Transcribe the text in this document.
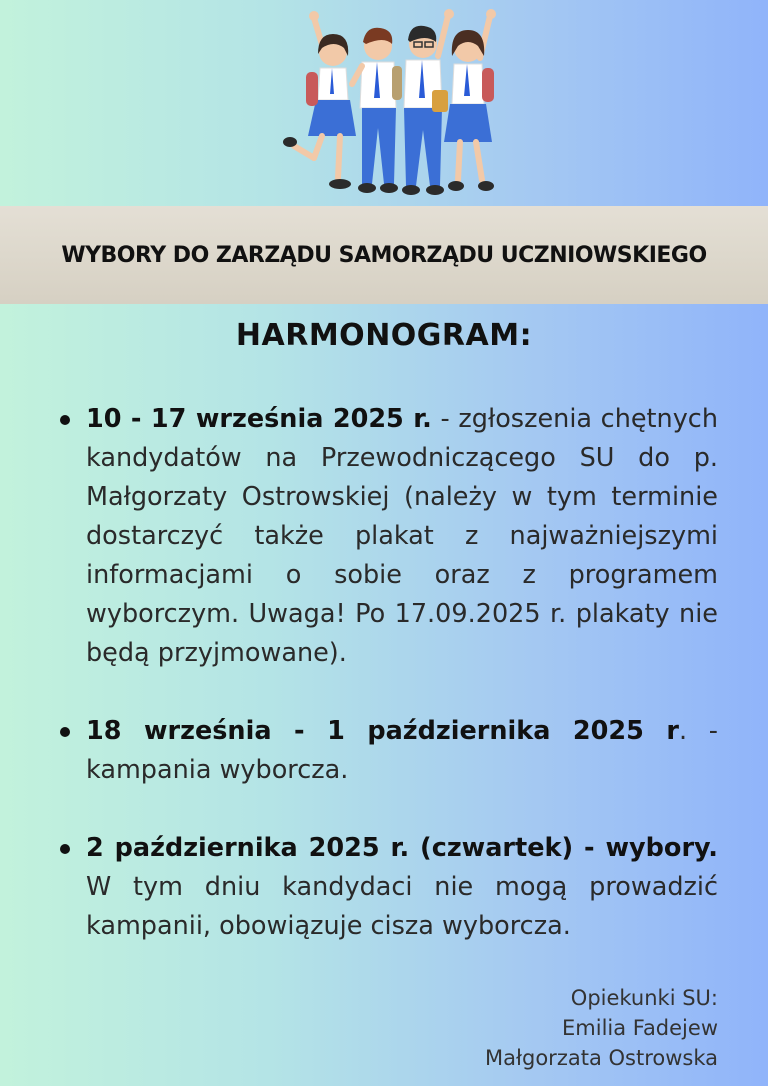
WYBORY DO ZARZĄDU SAMORZĄDU UCZNIOWSKIEGO
HARMONOGRAM:
10 - 17 września 2025 r. - zgłoszenia chętnych kandydatów na Przewodniczącego SU do p. Małgorzaty Ostrowskiej (należy w tym terminie dostarczyć także plakat z najważniejszymi informacjami o sobie oraz z programem wyborczym. Uwaga! Po 17.09.2025 r. plakaty nie będą przyjmowane).
18 września - 1 października 2025 r. - kampania wyborcza.
2 października 2025 r. (czwartek) - wybory. W tym dniu kandydaci nie mogą prowadzić kampanii, obowiązuje cisza wyborcza.
Opiekunki SU:
Emilia Fadejew
Małgorzata Ostrowska
